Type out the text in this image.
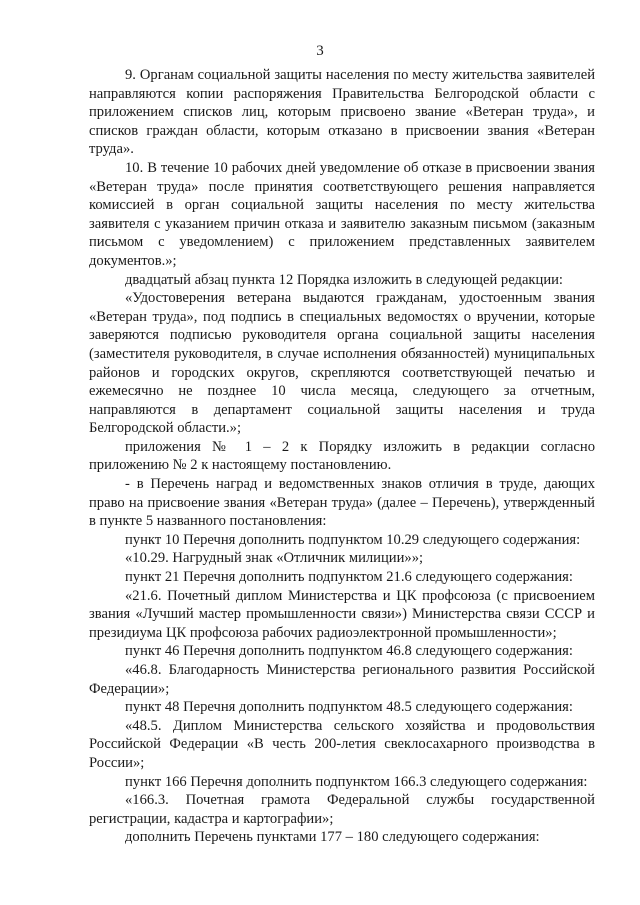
3

9. Органам социальной защиты населения по месту жительства заявителей направляются копии распоряжения Правительства Белгородской области с приложением списков лиц, которым присвоено звание «Ветеран труда», и списков граждан области, которым отказано в присвоении звания «Ветеран труда».

10. В течение 10 рабочих дней уведомление об отказе в присвоении звания «Ветеран труда» после принятия соответствующего решения направляется комиссией в орган социальной защиты населения по месту жительства заявителя с указанием причин отказа и заявителю заказным письмом (заказным письмом с уведомлением) с приложением представленных заявителем документов.»;

двадцатый абзац пункта 12 Порядка изложить в следующей редакции:

«Удостоверения ветерана выдаются гражданам, удостоенным звания «Ветеран труда», под подпись в специальных ведомостях о вручении, которые заверяются подписью руководителя органа социальной защиты населения (заместителя руководителя, в случае исполнения обязанностей) муниципальных районов и городских округов, скрепляются соответствующей печатью и ежемесячно не позднее 10 числа месяца, следующего за отчетным, направляются в департамент социальной защиты населения и труда Белгородской области.»;

приложения № 1 – 2 к Порядку изложить в редакции согласно приложению № 2 к настоящему постановлению.

- в Перечень наград и ведомственных знаков отличия в труде, дающих право на присвоение звания «Ветеран труда» (далее – Перечень), утвержденный в пункте 5 названного постановления:

пункт 10 Перечня дополнить подпунктом 10.29 следующего содержания:

«10.29. Нагрудный знак «Отличник милиции»»;

пункт 21 Перечня дополнить подпунктом 21.6 следующего содержания:

«21.6. Почетный диплом Министерства и ЦК профсоюза (с присвоением звания «Лучший мастер промышленности связи») Министерства связи СССР и президиума ЦК профсоюза рабочих радиоэлектронной промышленности»;

пункт 46 Перечня дополнить подпунктом 46.8 следующего содержания:

«46.8. Благодарность Министерства регионального развития Российской Федерации»;

пункт 48 Перечня дополнить подпунктом 48.5 следующего содержания:

«48.5. Диплом Министерства сельского хозяйства и продовольствия Российской Федерации «В честь 200-летия свеклосахарного производства в России»;

пункт 166 Перечня дополнить подпунктом 166.3 следующего содержания:

«166.3. Почетная грамота Федеральной службы государственной регистрации, кадастра и картографии»;

дополнить Перечень пунктами 177 – 180 следующего содержания:
